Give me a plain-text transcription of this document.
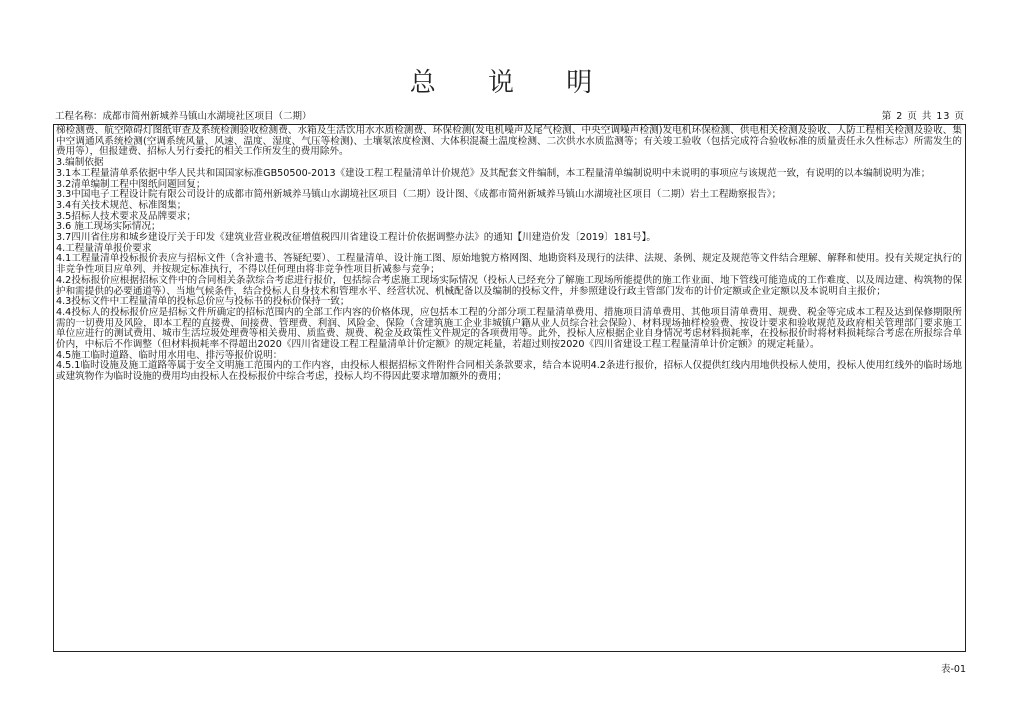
总 说 明
工程名称：成都市简州新城养马镇山水湖境社区项目（二期）	第 2 页 共 13 页

梯检测费、航空障碍灯图纸审查及系统检测验收检测费、水箱及生活饮用水水质检测费、环保检测(发电机噪声及尾气检测、中央空调噪声检测)发电机环保检测、供电相关检测及验收、人防工程相关检测及验收、集中空调通风系统检测(空调系统风量、风速、温度、湿度、气压等检测)、土壤氡浓度检测、大体积混凝土温度检测、二次供水水质监测等；有关竣工验收（包括完成符合验收标准的质量责任永久性标志）所需发生的费用等），但报建费、招标人另行委托的相关工作所发生的费用除外。

3.编制依据

3.1本工程量清单系依据中华人民共和国国家标准GB50500-2013《建设工程工程量清单计价规范》及其配套文件编制，本工程量清单编制说明中未说明的事项应与该规范一致，有说明的以本编制说明为准；

3.2清单编制工程中图纸问题回复；

3.3中国电子工程设计院有限公司设计的成都市简州新城养马镇山水湖境社区项目（二期）设计图、《成都市简州新城养马镇山水湖境社区项目（二期）岩土工程勘察报告》；

3.4有关技术规范、标准图集；

3.5招标人技术要求及品牌要求；

3.6 施工现场实际情况；

3.7四川省住房和城乡建设厅关于印发《建筑业营业税改征增值税四川省建设工程计价依据调整办法》的通知【川建造价发〔2019〕181号】。

4.工程量清单报价要求

4.1工程量清单投标报价表应与招标文件（含补遗书、答疑纪要）、工程量清单、设计施工图、原始地貌方格网图、地勘资料及现行的法律、法规、条例、规定及规范等文件结合理解、解释和使用。投有关规定执行的非竞争性项目应单列、并按规定标准执行，不得以任何理由将非竞争性项目折减参与竞争；

4.2投标报价应根据招标文件中的合同相关条款综合考虑进行报价，包括综合考虑施工现场实际情况（投标人已经充分了解施工现场所能提供的施工作业面、地下管线可能造成的工作难度、以及周边建、构筑物的保护和需提供的必要通道等）、当地气候条件，结合投标人自身技术和管理水平、经营状况、机械配备以及编制的投标文件，并参照建设行政主管部门发布的计价定额或企业定额以及本说明自主报价；

4.3投标文件中工程量清单的投标总价应与投标书的投标价保持一致；

4.4投标人的投标报价应是招标文件所确定的招标范围内的全部工作内容的价格体现，应包括本工程的分部分项工程量清单费用、措施项目清单费用、其他项目清单费用、规费、税金等完成本工程及达到保修期限所需的一切费用及风险，即本工程的直接费、间接费、管理费、利润、风险金、保险（含建筑施工企业非城镇户籍从业人员综合社会保险）、材料现场抽样检验费、按设计要求和验收规范及政府相关管理部门要求施工单位应进行的测试费用、城市生活垃圾处理费等相关费用、质监费、规费、税金及政策性文件规定的各项费用等。此外，投标人应根据企业自身情况考虑材料损耗率，在投标报价时将材料损耗综合考虑在所报综合单价内，中标后不作调整（但材料损耗率不得超出2020《四川省建设工程工程量清单计价定额》的规定耗量，若超过则按2020《四川省建设工程工程量清单计价定额》的规定耗量）。

4.5施工临时道路、临时用水用电、排污等报价说明：

4.5.1临时设施及施工道路等属于安全文明施工范围内的工作内容，由投标人根据招标文件附件合同相关条款要求，结合本说明4.2条进行报价，招标人仅提供红线内用地供投标人使用，投标人使用红线外的临时场地或建筑物作为临时设施的费用均由投标人在投标报价中综合考虑，投标人均不得因此要求增加额外的费用；

表-01
